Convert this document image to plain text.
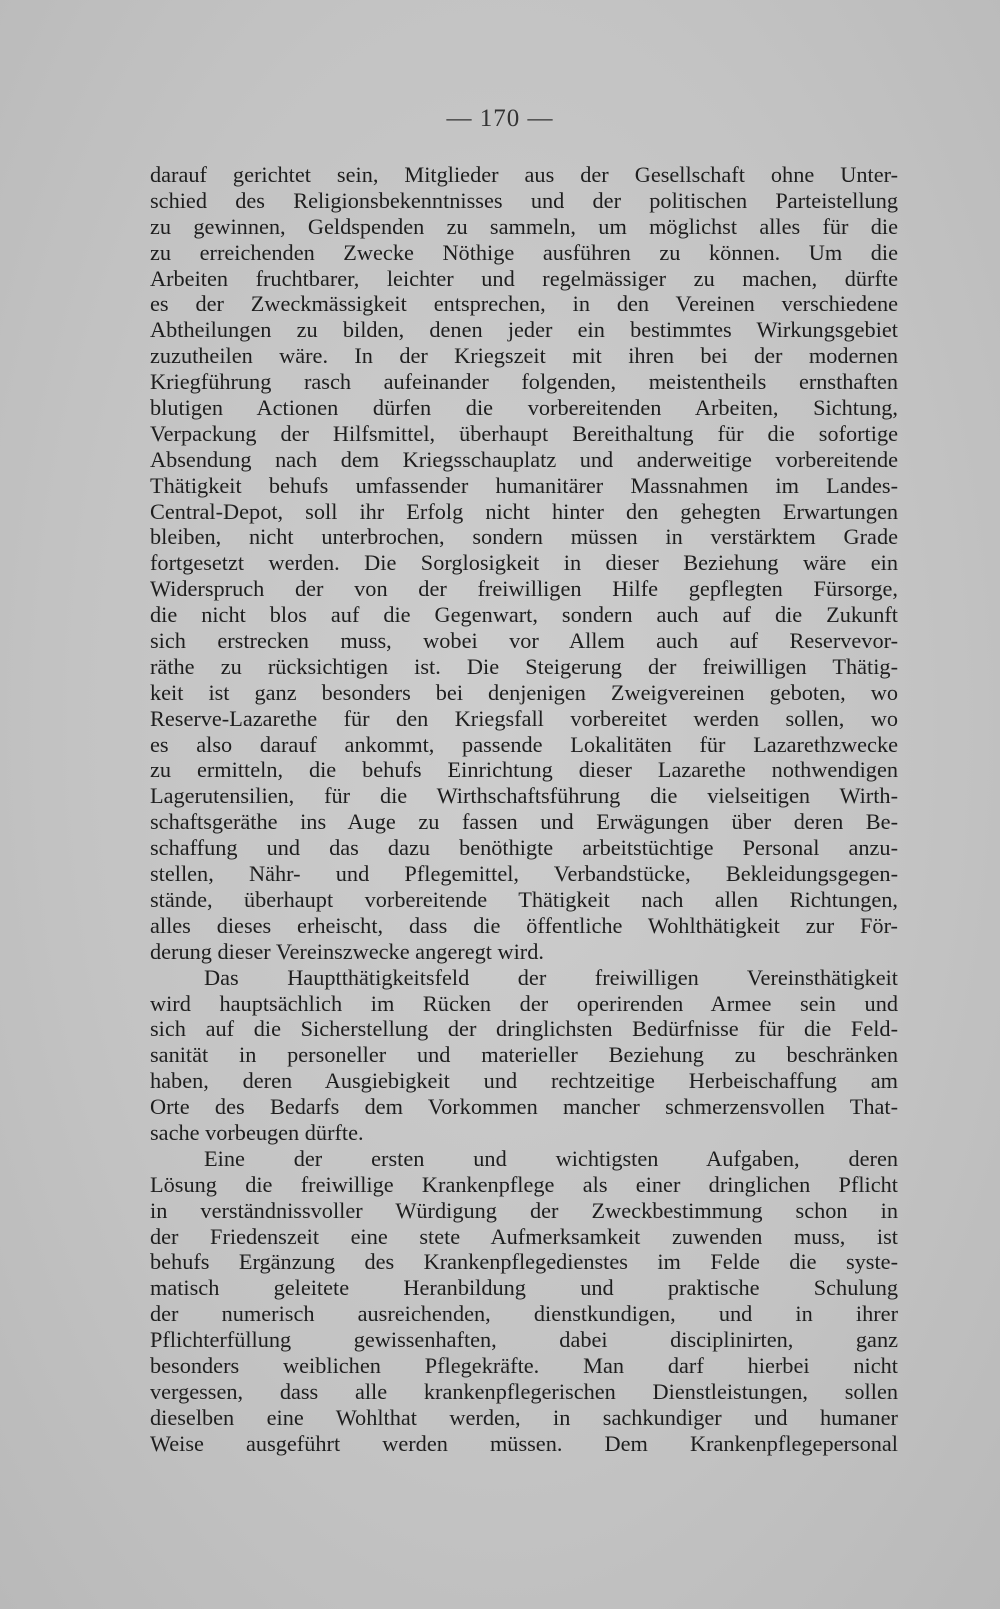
— 170 —
darauf gerichtet sein, Mitglieder aus der Gesellschaft ohne Unter-
schied des Religionsbekenntnisses und der politischen Parteistellung
zu gewinnen, Geldspenden zu sammeln, um möglichst alles für die
zu erreichenden Zwecke Nöthige ausführen zu können. Um die
Arbeiten fruchtbarer, leichter und regelmässiger zu machen, dürfte
es der Zweckmässigkeit entsprechen, in den Vereinen verschiedene
Abtheilungen zu bilden, denen jeder ein bestimmtes Wirkungsgebiet
zuzutheilen wäre. In der Kriegszeit mit ihren bei der modernen
Kriegführung rasch aufeinander folgenden, meistentheils ernsthaften
blutigen Actionen dürfen die vorbereitenden Arbeiten, Sichtung,
Verpackung der Hilfsmittel, überhaupt Bereithaltung für die sofortige
Absendung nach dem Kriegsschauplatz und anderweitige vorbereitende
Thätigkeit behufs umfassender humanitärer Massnahmen im Landes-
Central-Depot, soll ihr Erfolg nicht hinter den gehegten Erwartungen
bleiben, nicht unterbrochen, sondern müssen in verstärktem Grade
fortgesetzt werden. Die Sorglosigkeit in dieser Beziehung wäre ein
Widerspruch der von der freiwilligen Hilfe gepflegten Fürsorge,
die nicht blos auf die Gegenwart, sondern auch auf die Zukunft
sich erstrecken muss, wobei vor Allem auch auf Reservevor-
räthe zu rücksichtigen ist. Die Steigerung der freiwilligen Thätig-
keit ist ganz besonders bei denjenigen Zweigvereinen geboten, wo
Reserve-Lazarethe für den Kriegsfall vorbereitet werden sollen, wo
es also darauf ankommt, passende Lokalitäten für Lazarethzwecke
zu ermitteln, die behufs Einrichtung dieser Lazarethe nothwendigen
Lagerutensilien, für die Wirthschaftsführung die vielseitigen Wirth-
schaftsgeräthe ins Auge zu fassen und Erwägungen über deren Be-
schaffung und das dazu benöthigte arbeitstüchtige Personal anzu-
stellen, Nähr- und Pflegemittel, Verbandstücke, Bekleidungsgegen-
stände, überhaupt vorbereitende Thätigkeit nach allen Richtungen,
alles dieses erheischt, dass die öffentliche Wohlthätigkeit zur För-
derung dieser Vereinszwecke angeregt wird.
Das Hauptthätigkeitsfeld der freiwilligen Vereinsthätigkeit
wird hauptsächlich im Rücken der operirenden Armee sein und
sich auf die Sicherstellung der dringlichsten Bedürfnisse für die Feld-
sanität in personeller und materieller Beziehung zu beschränken
haben, deren Ausgiebigkeit und rechtzeitige Herbeischaffung am
Orte des Bedarfs dem Vorkommen mancher schmerzensvollen That-
sache vorbeugen dürfte.
Eine der ersten und wichtigsten Aufgaben, deren
Lösung die freiwillige Krankenpflege als einer dringlichen Pflicht
in verständnissvoller Würdigung der Zweckbestimmung schon in
der Friedenszeit eine stete Aufmerksamkeit zuwenden muss, ist
behufs Ergänzung des Krankenpflegedienstes im Felde die syste-
matisch geleitete Heranbildung und praktische Schulung
der numerisch ausreichenden, dienstkundigen, und in ihrer
Pflichterfüllung gewissenhaften, dabei disciplinirten, ganz
besonders weiblichen Pflegekräfte. Man darf hierbei nicht
vergessen, dass alle krankenpflegerischen Dienstleistungen, sollen
dieselben eine Wohlthat werden, in sachkundiger und humaner
Weise ausgeführt werden müssen. Dem Krankenpflegepersonal
